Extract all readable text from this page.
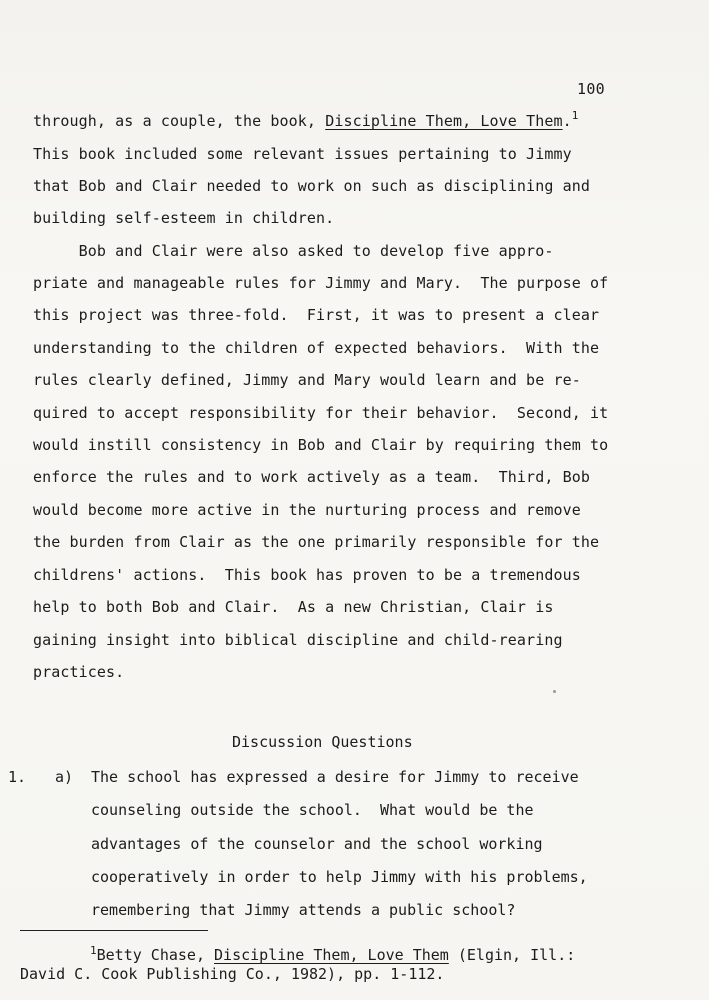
100
through, as a couple, the book, Discipline Them, Love Them.$^1$
This book included some relevant issues pertaining to Jimmy
that Bob and Clair needed to work on such as disciplining and
building self-esteem in children.
Bob and Clair were also asked to develop five appro-
priate and manageable rules for Jimmy and Mary.  The purpose of
this project was three-fold.  First, it was to present a clear
understanding to the children of expected behaviors.  With the
rules clearly defined, Jimmy and Mary would learn and be re-
quired to accept responsibility for their behavior.  Second, it
would instill consistency in Bob and Clair by requiring them to
enforce the rules and to work actively as a team.  Third, Bob
would become more active in the nurturing process and remove
the burden from Clair as the one primarily responsible for the
childrens' actions.  This book has proven to be a tremendous
help to both Bob and Clair.  As a new Christian, Clair is
gaining insight into biblical discipline and child-rearing
practices.
Discussion Questions
1. a) The school has expressed a desire for Jimmy to receive
counseling outside the school.  What would be the
advantages of the counselor and the school working
cooperatively in order to help Jimmy with his problems,
remembering that Jimmy attends a public school?
$^1$Betty Chase, Discipline Them, Love Them (Elgin, Ill.:
David C. Cook Publishing Co., 1982), pp. 1-112.
